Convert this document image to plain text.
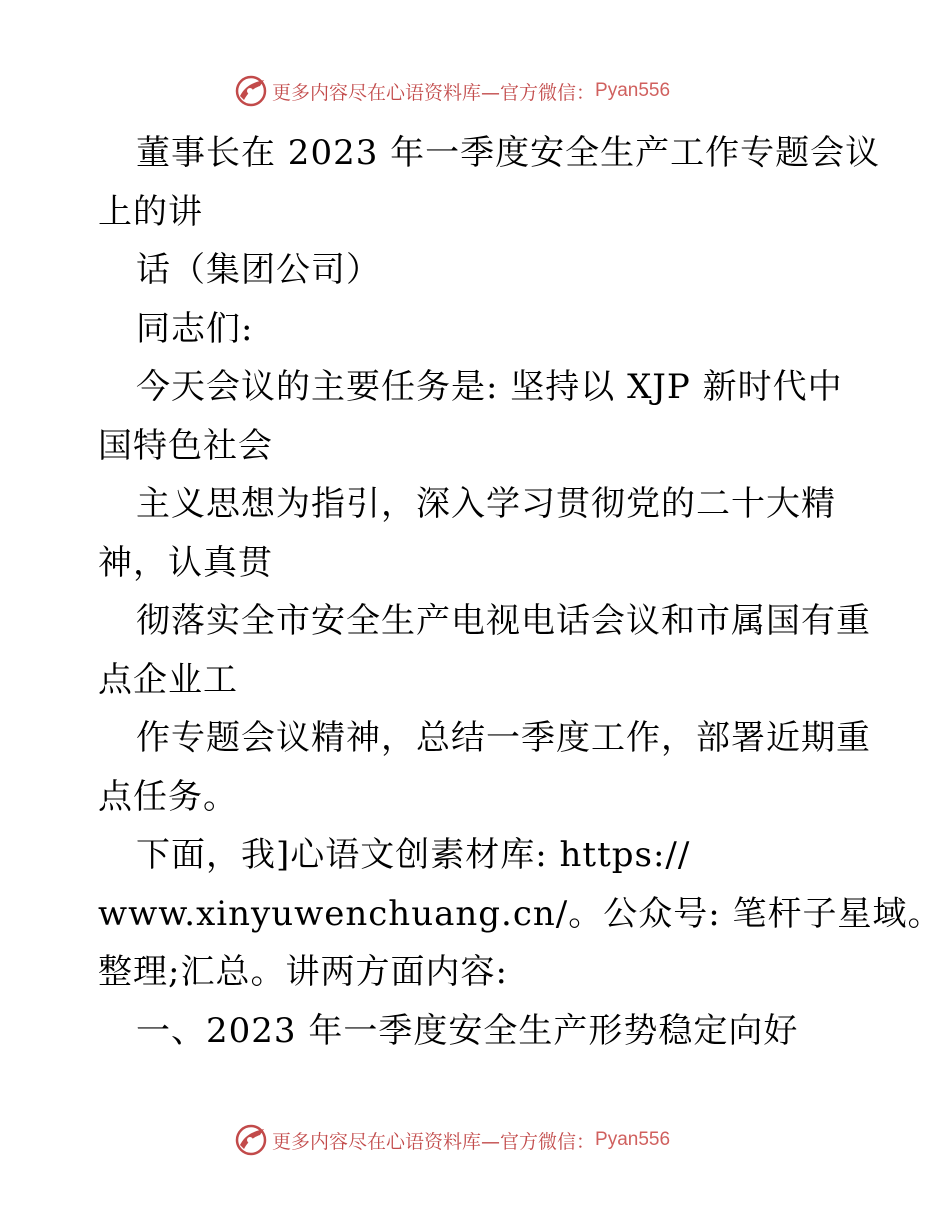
更多内容尽在心语资料库—官方微信： Pyan556

董事长在 2023 年一季度安全生产工作专题会议

上的讲

话（集团公司）

同志们:

今天会议的主要任务是: 坚持以 XJP 新时代中

国特色社会

主义思想为指引，深入学习贯彻党的二十大精

神，认真贯

彻落实全市安全生产电视电话会议和市属国有重

点企业工

作专题会议精神，总结一季度工作，部署近期重

点任务。

下面，我]心语文创素材库: https://

www.xinyuwenchuang.cn/。公众号: 笔杆子星域。

整理;汇总。讲两方面内容:

一、2023 年一季度安全生产形势稳定向好

更多内容尽在心语资料库—官方微信： Pyan556
